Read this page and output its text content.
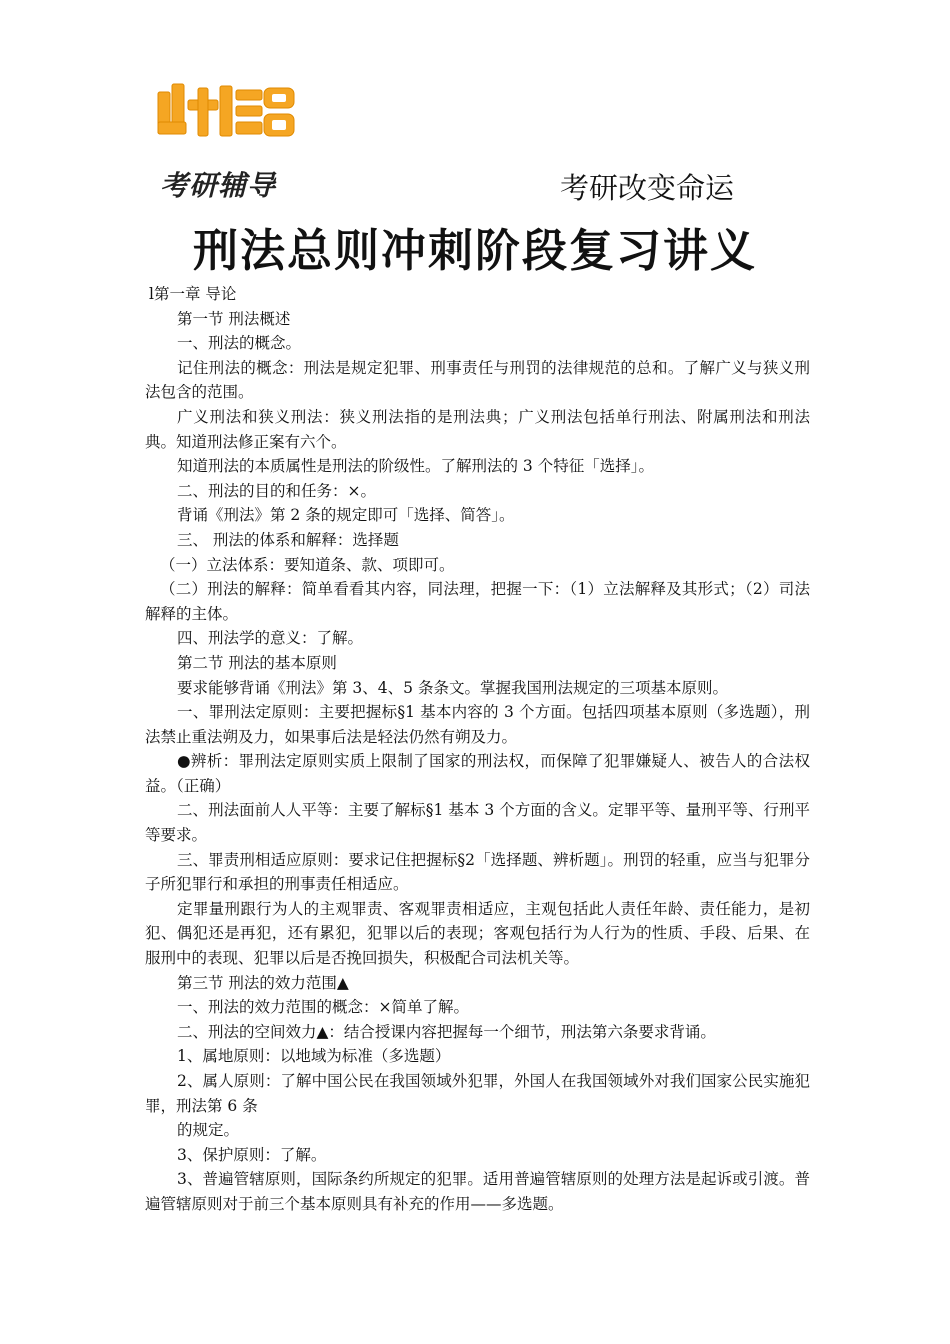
考研辅导	考研改变命运
刑法总则冲刺阶段复习讲义

l第一章 导论

第一节 刑法概述

一、刑法的概念。

记住刑法的概念：刑法是规定犯罪、刑事责任与刑罚的法律规范的总和。了解广义与狭义刑法包含的范围。

广义刑法和狭义刑法：狭义刑法指的是刑法典；广义刑法包括单行刑法、附属刑法和刑法典。知道刑法修正案有六个。

知道刑法的本质属性是刑法的阶级性。了解刑法的 3 个特征「选择」。

二、刑法的目的和任务：×。

背诵《刑法》第 2 条的规定即可「选择、简答」。

三、 刑法的体系和解释：选择题

（一）立法体系：要知道条、款、项即可。

（二）刑法的解释：简单看看其内容，同法理，把握一下：（1）立法解释及其形式；（2）司法解释的主体。

四、刑法学的意义：了解。

第二节 刑法的基本原则

要求能够背诵《刑法》第 3、4、5 条条文。掌握我国刑法规定的三项基本原则。

一、罪刑法定原则：主要把握标§1 基本内容的 3 个方面。包括四项基本原则（多选题），刑法禁止重法朔及力，如果事后法是轻法仍然有朔及力。

●辨析：罪刑法定原则实质上限制了国家的刑法权，而保障了犯罪嫌疑人、被告人的合法权益。（正确）

二、刑法面前人人平等：主要了解标§1 基本 3 个方面的含义。定罪平等、量刑平等、行刑平等要求。

三、罪责刑相适应原则：要求记住把握标§2「选择题、辨析题」。刑罚的轻重，应当与犯罪分子所犯罪行和承担的刑事责任相适应。

定罪量刑跟行为人的主观罪责、客观罪责相适应，主观包括此人责任年龄、责任能力，是初犯、偶犯还是再犯，还有累犯，犯罪以后的表现；客观包括行为人行为的性质、手段、后果、在服刑中的表现、犯罪以后是否挽回损失，积极配合司法机关等。

第三节 刑法的效力范围▲

一、刑法的效力范围的概念：×简单了解。

二、刑法的空间效力▲：结合授课内容把握每一个细节，刑法第六条要求背诵。

1、属地原则：以地域为标准（多选题）

2、属人原则：了解中国公民在我国领域外犯罪，外国人在我国领域外对我们国家公民实施犯罪，刑法第 6 条

的规定。

3、保护原则：了解。

3、普遍管辖原则，国际条约所规定的犯罪。适用普遍管辖原则的处理方法是起诉或引渡。普遍管辖原则对于前三个基本原则具有补充的作用——多选题。
